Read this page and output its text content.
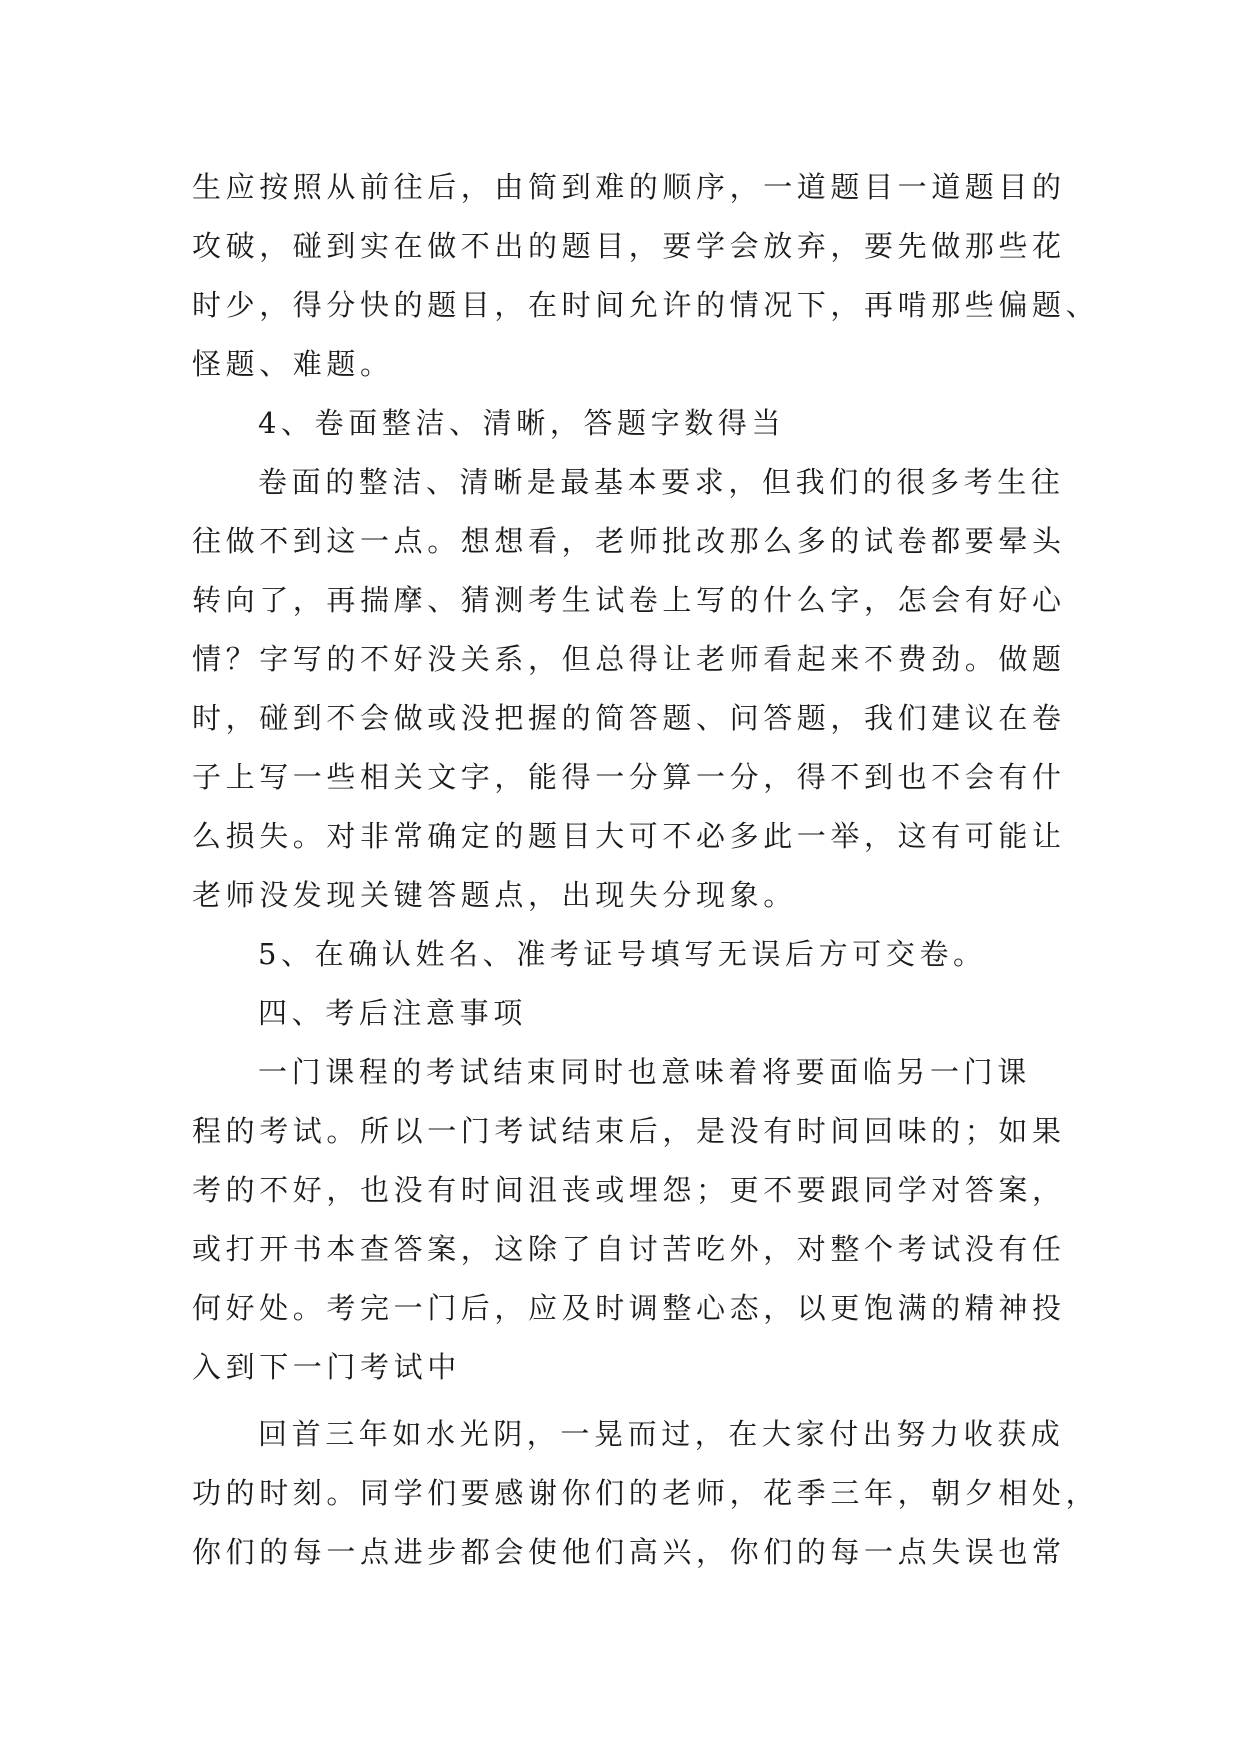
生应按照从前往后，由简到难的顺序，一道题目一道题目的
攻破，碰到实在做不出的题目，要学会放弃，要先做那些花
时少，得分快的题目，在时间允许的情况下，再啃那些偏题、
怪题、难题。
4、卷面整洁、清晰，答题字数得当
卷面的整洁、清晰是最基本要求，但我们的很多考生往
往做不到这一点。想想看，老师批改那么多的试卷都要晕头
转向了，再揣摩、猜测考生试卷上写的什么字，怎会有好心
情？字写的不好没关系，但总得让老师看起来不费劲。做题
时，碰到不会做或没把握的简答题、问答题，我们建议在卷
子上写一些相关文字，能得一分算一分，得不到也不会有什
么损失。对非常确定的题目大可不必多此一举，这有可能让
老师没发现关键答题点，出现失分现象。
5、在确认姓名、准考证号填写无误后方可交卷。
四、考后注意事项
一门课程的考试结束同时也意味着将要面临另一门课
程的考试。所以一门考试结束后，是没有时间回味的；如果
考的不好，也没有时间沮丧或埋怨；更不要跟同学对答案，
或打开书本查答案，这除了自讨苦吃外，对整个考试没有任
何好处。考完一门后，应及时调整心态，以更饱满的精神投
入到下一门考试中
回首三年如水光阴，一晃而过，在大家付出努力收获成
功的时刻。同学们要感谢你们的老师，花季三年，朝夕相处，
你们的每一点进步都会使他们高兴，你们的每一点失误也常
